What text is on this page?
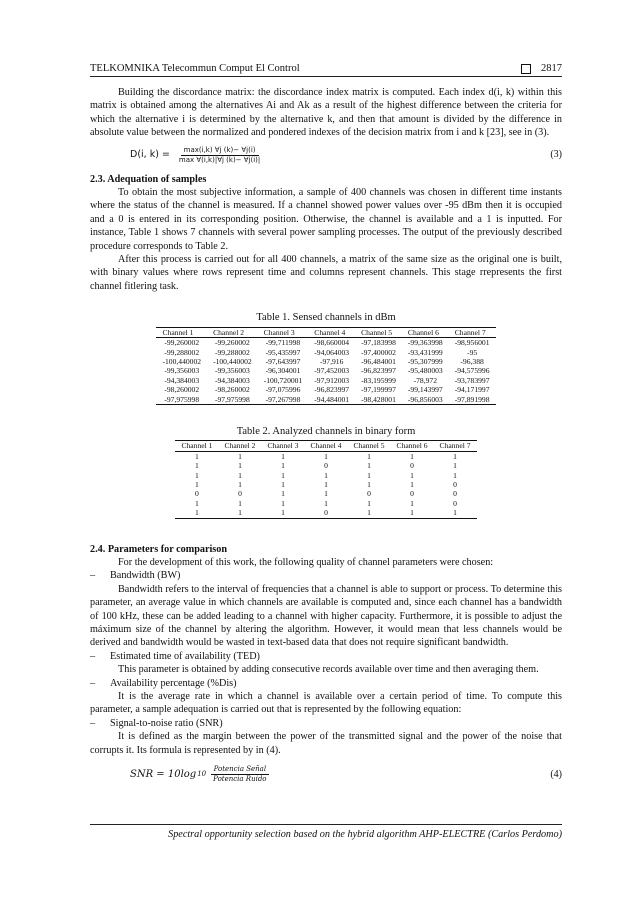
TELKOMNIKA Telecommun Comput El Control	2817

Building the discordance matrix: the discordance index matrix is computed. Each index d(i, k) within this matrix is obtained among the alternatives Ai and Ak as a result of the highest difference between the criteria for which the alternative i is determined by the alternative k, and then that amount is divided by the difference in absolute value between the normalized and pondered indexes of the decision matrix from i and k [23], see in (3).

D(i, $k) = \frac{\max(i,k) \forall j (k)- \forall j(i)}{\max \forall(i,k)|\forall j (k)- \forall j(i)|}$	(3)

2.3. Adequation of samples

To obtain the most subjective information, a sample of 400 channels was chosen in different time instants where the status of the channel is measured. If a channel showed power values over -95 dBm then it is occupied and a 0 is entered in its corresponding position. Otherwise, the channel is available and a 1 is inputted. For instance, Table 1 shows 7 channels with several power sampling processes. The output of the previously described procedure corresponds to Table 2.

After this process is carried out for all 400 channels, a matrix of the same size as the original one is built, with binary values where rows represent time and columns represent channels. This stage rrepresents the first channel fitlering task.

Table 1. Sensed channels in dBm
Channel 1	Channel 2	Channel 3	Channel 4	Channel 5	Channel 6	Channel 7
-99,260002	-99,260002	-99,711998	-98,660004	-97,183998	-99,363998	-98,956001
-99,288002	-99,288002	-95,435997	-94,064003	-97,400002	-93,431999	-95
-100,440002	-100,440002	-97,643997	-97,916	-96,484001	-95,307999	-96,388
-99,356003	-99,356003	-96,304001	-97,452003	-96,823997	-95,480003	-94,575996
-94,384003	-94,384003	-100,720001	-97,912003	-83,195999	-78,972	-93,783997
-98,260002	-98,260002	-97,075996	-96,823997	-97,199997	-99,143997	-94,171997
-97,975998	-97,975998	-97,267998	-94,484001	-98,428001	-96,856003	-97,891998
Table 2. Analyzed channels in binary form
Channel 1	Channel 2	Channel 3	Channel 4	Channel 5	Channel 6	Channel 7
1	1	1	1	1	1	1
1	1	1	0	1	0	1
1	1	1	1	1	1	1
1	1	1	1	1	1	0
0	0	1	1	0	0	0
1	1	1	1	1	1	0
1	1	1	0	1	1	1

2.4. Parameters for comparison

For the development of this work, the following quality of channel parameters were chosen:

–	Bandwidth (BW)

Bandwidth refers to the interval of frequencies that a channel is able to support or process. To determine this parameter, an average value in which channels are available is computed and, since each channel has a bandwidth of 100 kHz, these can be added leading to a channel with higher capacity. Furthermore, it is possible to adjust the máximum size of the channel by altering the algorithm. However, it would mean that less channels would be derived and bandwidth would be wasted in text-based data that does not require significant bandwidth.

–	Estimated time of availability (TED)

This parameter is obtained by adding consecutive records available over time and then averaging them.

–	Availability percentage (%Dis)

It is the average rate in which a channel is available over a certain period of time. To compute this parameter, a sample adequation is carried out that is represented by the following equation:

–	Signal-to-noise ratio (SNR)

It is defined as the margin between the power of the transmitted signal and the power of the noise that corrupts it. Its formula is represented by in (4).

SNR = 10log $10 \frac{\text{Potencia Señal}}{\text{Potencia Ruido}}$	(4)
Spectral opportunity selection based on the hybrid algorithm AHP-ELECTRE (Carlos Perdomo)
